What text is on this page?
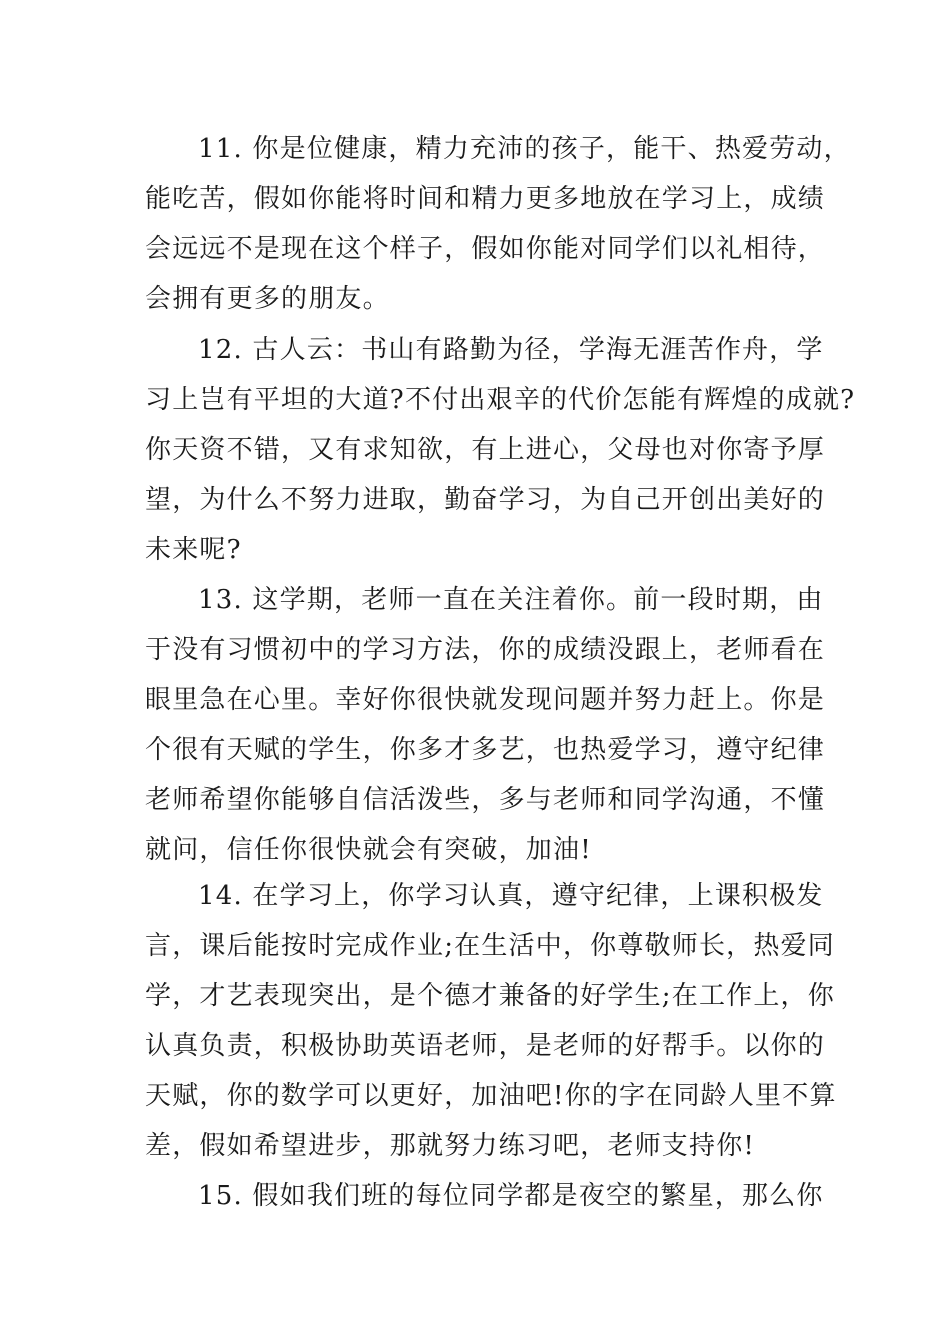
11. 你是位健康，精力充沛的孩子，能干、热爱劳动，
能吃苦，假如你能将时间和精力更多地放在学习上，成绩
会远远不是现在这个样子，假如你能对同学们以礼相待，
会拥有更多的朋友。
12. 古人云：书山有路勤为径，学海无涯苦作舟，学
习上岂有平坦的大道?不付出艰辛的代价怎能有辉煌的成就?
你天资不错，又有求知欲，有上进心，父母也对你寄予厚
望，为什么不努力进取，勤奋学习，为自己开创出美好的
未来呢?
13. 这学期，老师一直在关注着你。前一段时期，由
于没有习惯初中的学习方法，你的成绩没跟上，老师看在
眼里急在心里。幸好你很快就发现问题并努力赶上。你是
个很有天赋的学生，你多才多艺，也热爱学习，遵守纪律
老师希望你能够自信活泼些，多与老师和同学沟通，不懂
就问，信任你很快就会有突破，加油!
14. 在学习上，你学习认真，遵守纪律，上课积极发
言，课后能按时完成作业;在生活中，你尊敬师长，热爱同
学，才艺表现突出，是个德才兼备的好学生;在工作上，你
认真负责，积极协助英语老师，是老师的好帮手。以你的
天赋，你的数学可以更好，加油吧!你的字在同龄人里不算
差，假如希望进步，那就努力练习吧，老师支持你!
15. 假如我们班的每位同学都是夜空的繁星，那么你
